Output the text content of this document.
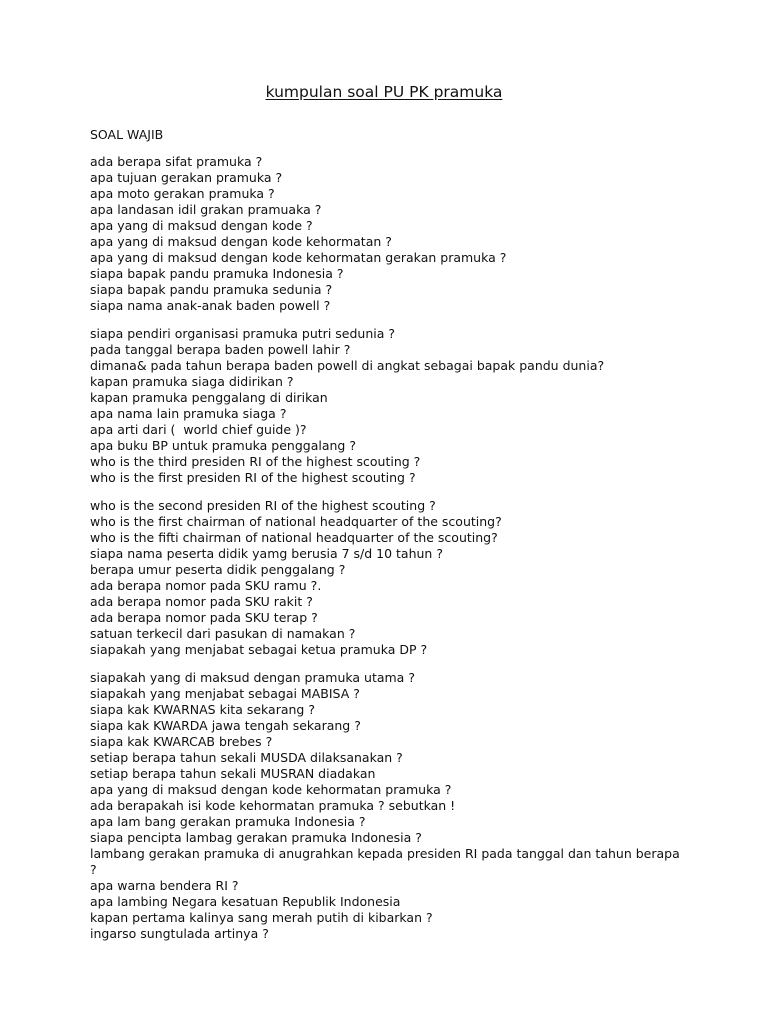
kumpulan soal PU PK pramuka
SOAL WAJIB
ada berapa sifat pramuka ?
apa tujuan gerakan pramuka ?
apa moto gerakan pramuka ?
apa landasan idil grakan pramuaka ?
apa yang di maksud dengan kode ?
apa yang di maksud dengan kode kehormatan ?
apa yang di maksud dengan kode kehormatan gerakan pramuka ?
siapa bapak pandu pramuka Indonesia ?
siapa bapak pandu pramuka sedunia ?
siapa nama anak-anak baden powell ?
siapa pendiri organisasi pramuka putri sedunia ?
pada tanggal berapa baden powell lahir ?
dimana& pada tahun berapa baden powell di angkat sebagai bapak pandu dunia?
kapan pramuka siaga didirikan ?
kapan pramuka penggalang di dirikan
apa nama lain pramuka siaga ?
apa arti dari (  world chief guide )?
apa buku BP untuk pramuka penggalang ?
who is the third presiden RI of the highest scouting ?
who is the first presiden RI of the highest scouting ?
who is the second presiden RI of the highest scouting ?
who is the first chairman of national headquarter of the scouting?
who is the fifti chairman of national headquarter of the scouting?
siapa nama peserta didik yamg berusia 7 s/d 10 tahun ?
berapa umur peserta didik penggalang ?
ada berapa nomor pada SKU ramu ?.
ada berapa nomor pada SKU rakit ?
ada berapa nomor pada SKU terap ?
satuan terkecil dari pasukan di namakan ?
siapakah yang menjabat sebagai ketua pramuka DP ?
siapakah yang di maksud dengan pramuka utama ?
siapakah yang menjabat sebagai MABISA ?
siapa kak KWARNAS kita sekarang ?
siapa kak KWARDA jawa tengah sekarang ?
siapa kak KWARCAB brebes ?
setiap berapa tahun sekali MUSDA dilaksanakan ?
setiap berapa tahun sekali MUSRAN diadakan
apa yang di maksud dengan kode kehormatan pramuka ?
ada berapakah isi kode kehormatan pramuka ? sebutkan !
apa lam bang gerakan pramuka Indonesia ?
siapa pencipta lambag gerakan pramuka Indonesia ?
lambang gerakan pramuka di anugrahkan kepada presiden RI pada tanggal dan tahun berapa ?
apa warna bendera RI ?
apa lambing Negara kesatuan Republik Indonesia
kapan pertama kalinya sang merah putih di kibarkan ?
ingarso sungtulada artinya ?
